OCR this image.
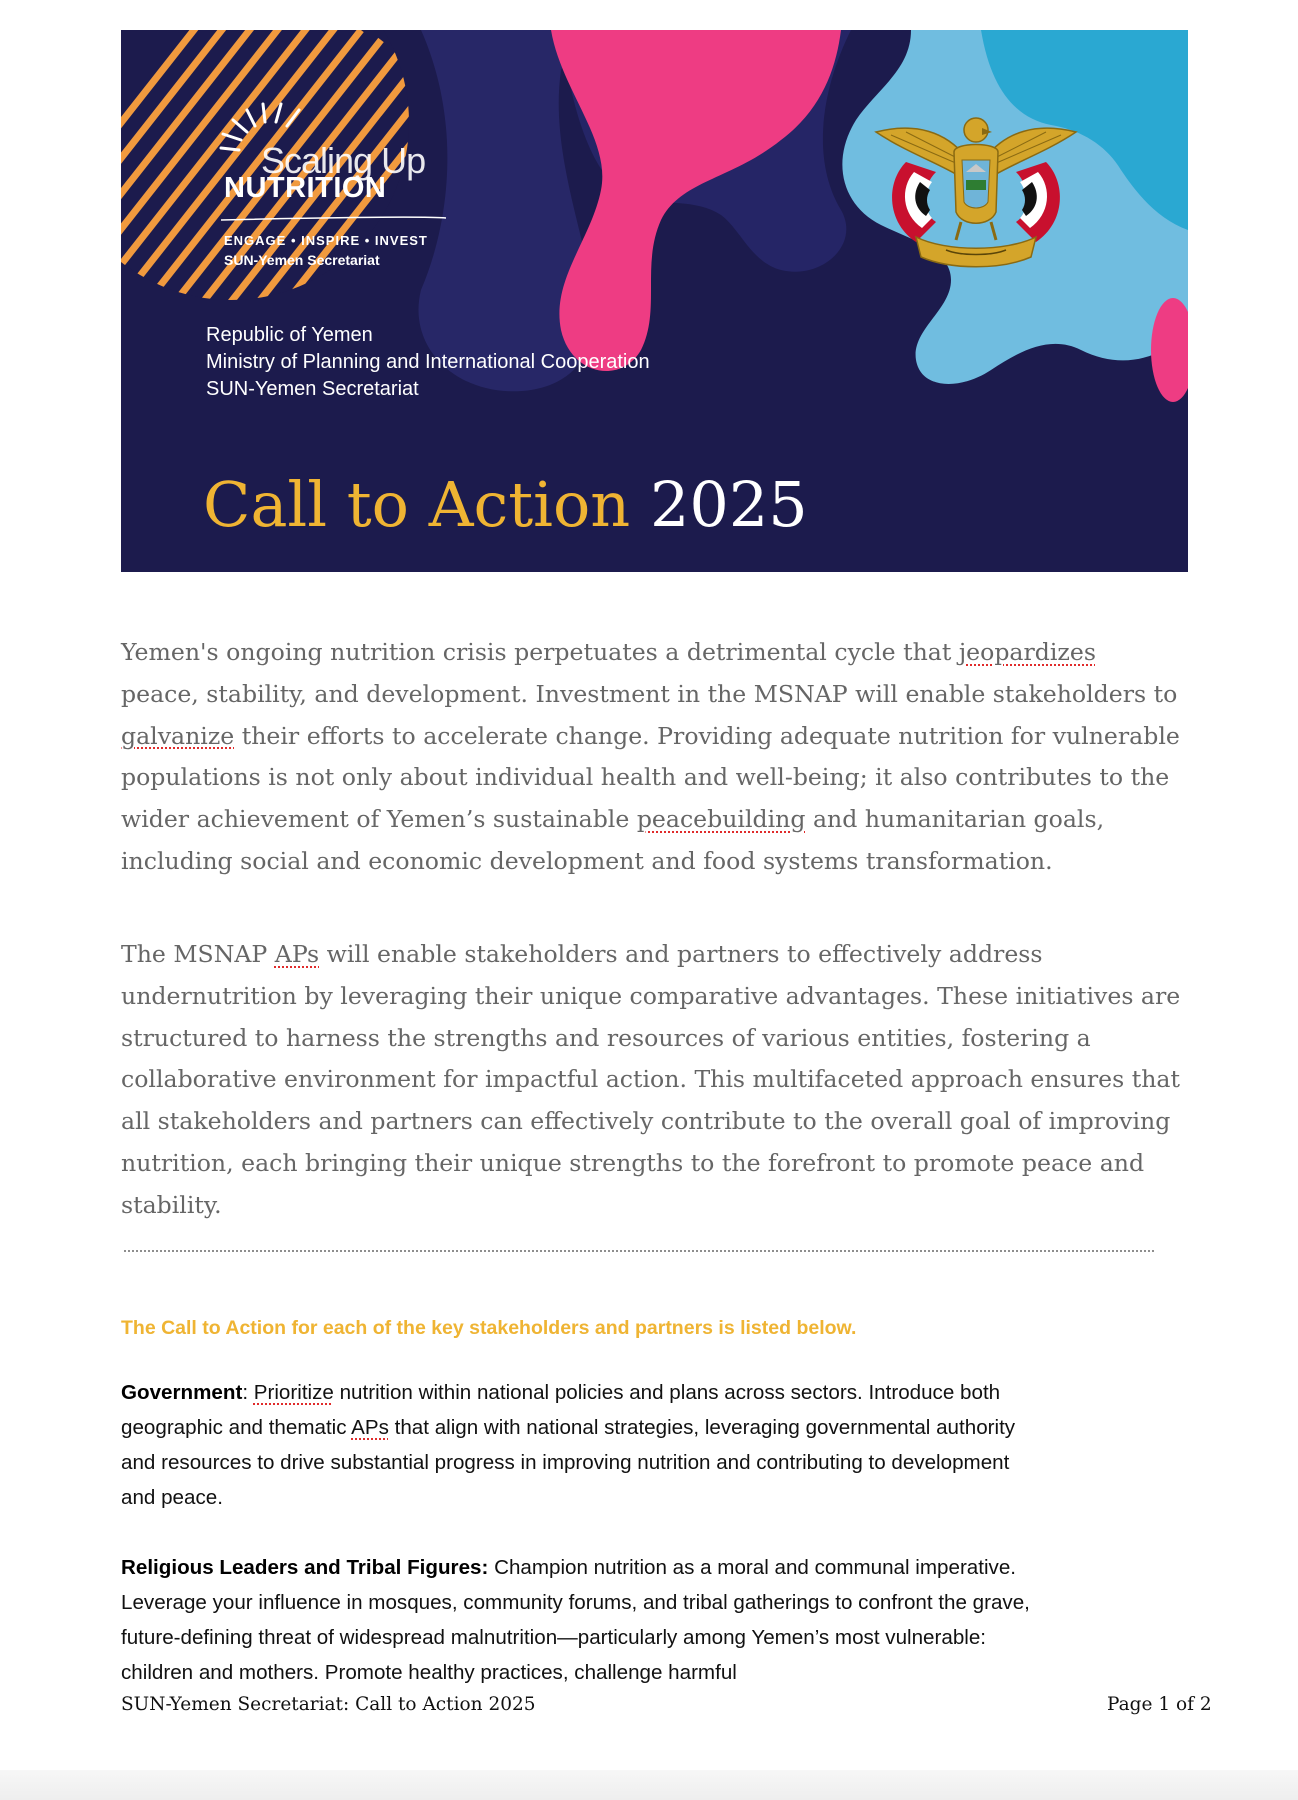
Scaling Up
NUTRITION
ENGAGE • INSPIRE • INVEST
SUN-Yemen Secretariat
Republic of Yemen
Ministry of Planning and International Cooperation
SUN-Yemen Secretariat
Call to Action 2025

Yemen's ongoing nutrition crisis perpetuates a detrimental cycle that jeopardizes peace, stability, and development. Investment in the MSNAP will enable stakeholders to galvanize their efforts to accelerate change. Providing adequate nutrition for vulnerable populations is not only about individual health and well-being; it also contributes to the wider achievement of Yemen’s sustainable peacebuilding and humanitarian goals, including social and economic development and food systems transformation.

The MSNAP APs will enable stakeholders and partners to effectively address undernutrition by leveraging their unique comparative advantages. These initiatives are structured to harness the strengths and resources of various entities, fostering a collaborative environment for impactful action. This multifaceted approach ensures that all stakeholders and partners can effectively contribute to the overall goal of improving nutrition, each bringing their unique strengths to the forefront to promote peace and stability.

The Call to Action for each of the key stakeholders and partners is listed below.

Government: Prioritize nutrition within national policies and plans across sectors. Introduce both geographic and thematic APs that align with national strategies, leveraging governmental authority and resources to drive substantial progress in improving nutrition and contributing to development and peace.

Religious Leaders and Tribal Figures: Champion nutrition as a moral and communal imperative. Leverage your influence in mosques, community forums, and tribal gatherings to confront the grave, future-defining threat of widespread malnutrition—particularly among Yemen’s most vulnerable: children and mothers. Promote healthy practices, challenge harmful

SUN-Yemen Secretariat: Call to Action 2025	Page 1 of 2
